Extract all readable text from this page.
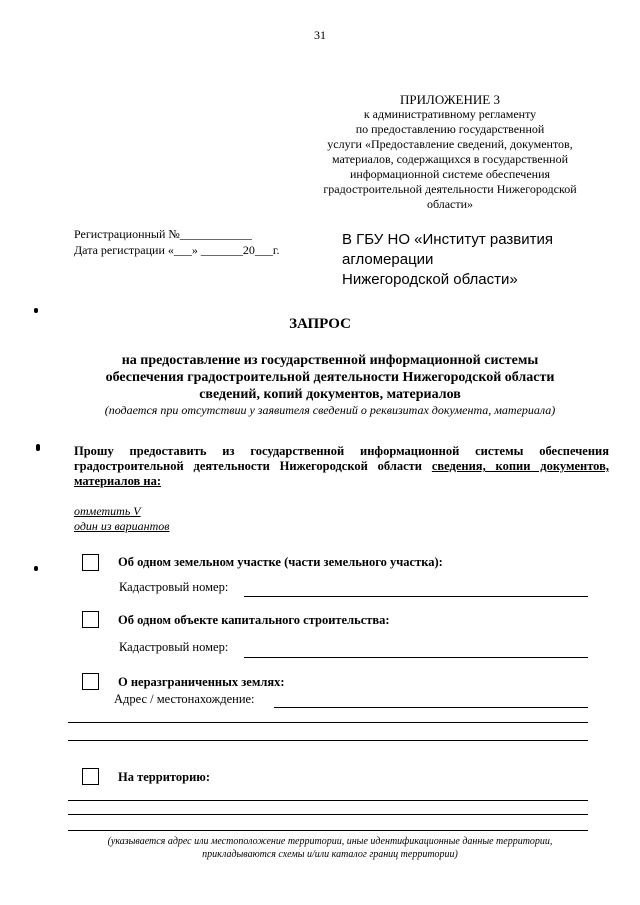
31
ПРИЛОЖЕНИЕ 3
к административному регламенту
по предоставлению государственной
услуги «Предоставление сведений, документов,
материалов, содержащихся в государственной
информационной системе обеспечения
градостроительной деятельности Нижегородской
области»
Регистрационный №____________
Дата регистрации «___» _______20___г.
В ГБУ НО «Институт развития
агломерации
Нижегородской области»
ЗАПРОС
на предоставление из государственной информационной системы
обеспечения градостроительной деятельности Нижегородской области
сведений, копий документов, материалов
(подается при отсутствии у заявителя сведений о реквизитах документа, материала)
Прошу предоставить из государственной информационной системы обеспечения градостроительной деятельности Нижегородской области сведения, копии документов, материалов на:
отметить V
один из вариантов
Об одном земельном участке (части земельного участка):
Кадастровый номер:
Об одном объекте капитального строительства:
Кадастровый номер:
О неразграниченных землях:
Адрес / местонахождение:
На территорию:
(указывается адрес или местоположение территории, иные идентификационные данные территории,
прикладываются схемы и/или каталог границ территории)
